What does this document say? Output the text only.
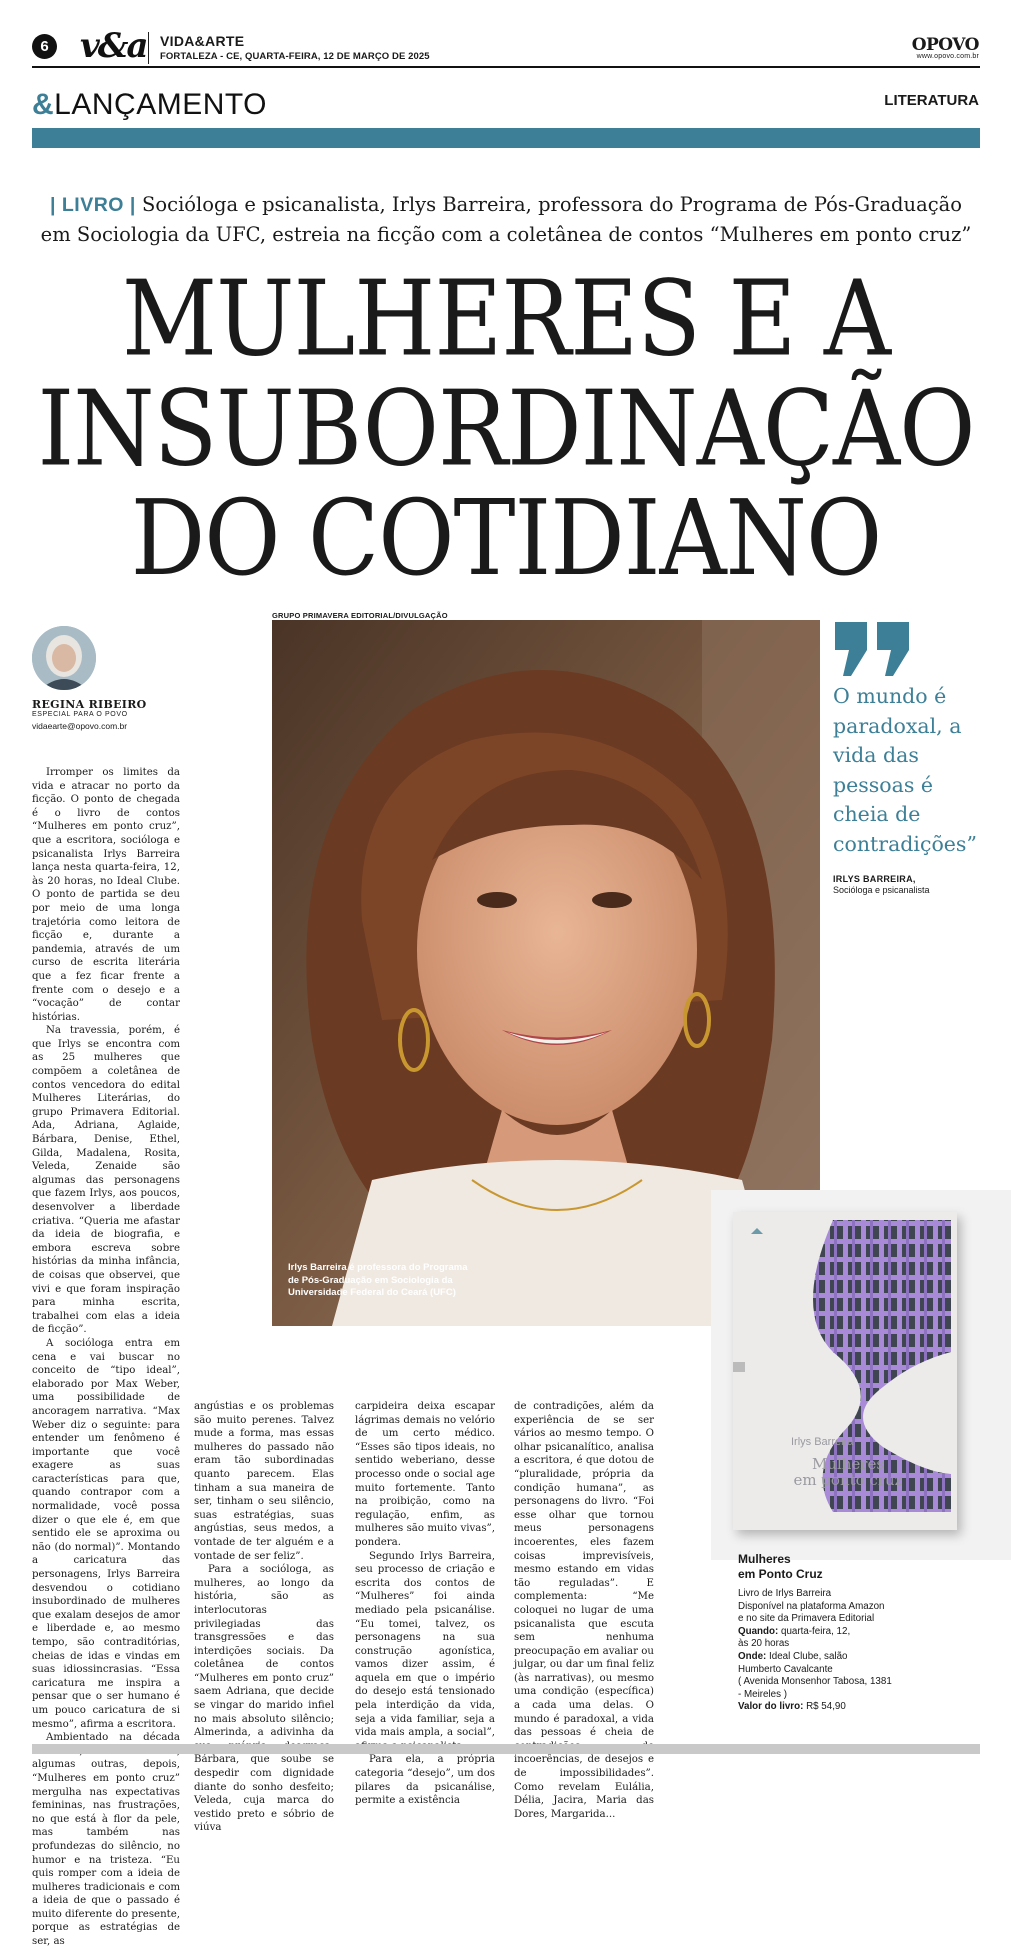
6 v&a VIDA&ARTE
FORTALEZA - CE, QUARTA-FEIRA, 12 DE MARÇO DE 2025
OPOVO
www.opovo.com.br
&LANÇAMENTO	LITERATURA
| LIVRO | Socióloga e psicanalista, Irlys Barreira, professora do Programa de Pós-Graduação em Sociologia da UFC, estreia na ficção com a coletânea de contos “Mulheres em ponto cruz”
MULHERES E A
INSUBORDINAÇÃO
DO COTIDIANO
REGINA RIBEIRO
ESPECIAL PARA O POVO
vidaearte@opovo.com.br

Irromper os limites da vida e atracar no porto da ficção. O ponto de chegada é o livro de contos “Mulheres em ponto cruz”, que a escritora, socióloga e psicanalista Irlys Barreira lança nesta quarta-feira, 12, às 20 horas, no Ideal Clube. O ponto de partida se deu por meio de uma longa trajetória como leitora de ficção e, durante a pandemia, através de um curso de escrita literária que a fez ficar frente a frente com o desejo e a “vocação” de contar histórias.

Na travessia, porém, é que Irlys se encontra com as 25 mulheres que compõem a coletânea de contos vencedora do edital Mulheres Literárias, do grupo Primavera Editorial. Ada, Adriana, Aglaide, Bárbara, Denise, Ethel, Gilda, Madalena, Rosita, Veleda, Zenaide são algumas das personagens que fazem Irlys, aos poucos, desenvolver a liberdade criativa. “Queria me afastar da ideia de biografia, e embora escreva sobre histórias da minha infância, de coisas que observei, que vivi e que foram inspiração para minha escrita, trabalhei com elas a ideia de ficção”.

A socióloga entra em cena e vai buscar no conceito de “tipo ideal”, elaborado por Max Weber, uma possibilidade de ancoragem narrativa. “Max Weber diz o seguinte: para entender um fenômeno é importante que você exagere as suas características para que, quando contrapor com a normalidade, você possa dizer o que ele é, em que sentido ele se aproxima ou não (do normal)”. Montando a caricatura das personagens, Irlys Barreira desvendou o cotidiano insubordinado de mulheres que exalam desejos de amor e liberdade e, ao mesmo tempo, são contraditórias, cheias de idas e vindas em suas idiossincrasias. “Essa caricatura me inspira a pensar que o ser humano é um pouco caricatura de si mesmo”, afirma a escritora.

Ambientado na década algumas outras, depois, “Mulheres em ponto cruz” mergulha nas expectativas femininas, nas frustrações, no que está à flor da pele, mas também nas profundezas do silêncio, no humor e na tristeza. “Eu quis romper com a ideia de mulheres tradicionais e com a ideia de que o passado é muito diferente do presente, porque as estratégias de ser, as

angústias e os problemas são muito perenes. Talvez mude a forma, mas essas mulheres do passado não eram tão subordinadas quanto parecem. Elas tinham a sua maneira de ser, tinham o seu silêncio, suas estratégias, suas angústias, seus medos, a vontade de ter alguém e a vontade de ser feliz”.

Para a socióloga, as mulheres, ao longo da história, são as interlocutoras privilegiadas das transgressões e das interdições sociais. Da coletânea de contos “Mulheres em ponto cruz” saem Adriana, que decide se vingar do marido infiel no mais absoluto silêncio; Almerinda, a adivinha da Bárbara, que soube se despedir com dignidade diante do sonho desfeito; Veleda, cuja marca do vestido preto e sóbrio de viúva

carpideira deixa escapar lágrimas demais no velório de um certo médico. “Esses são tipos ideais, no sentido weberiano, desse processo onde o social age muito fortemente. Tanto na proibição, como na regulação, enfim, as mulheres são muito vivas”, pondera.

Segundo Irlys Barreira, seu processo de criação e escrita dos contos de “Mulheres” foi ainda mediado pela psicanálise. “Eu tomei, talvez, os personagens na sua construção agonística, vamos dizer assim, é aquela em que o império do desejo está tensionado pela interdição da vida, seja a vida familiar, seja a vida mais ampla, a social”,

Para ela, a própria categoria “desejo”, um dos pilares da psicanálise, permite a existência

de contradições, além da experiência de se ser vários ao mesmo tempo. O olhar psicanalítico, analisa a escritora, é que dotou de “pluralidade, própria da condição humana”, as personagens do livro. “Foi esse olhar que tornou meus personagens incoerentes, eles fazem coisas imprevisíveis, mesmo estando em vidas tão reguladas”. E complementa: “Me coloquei no lugar de uma psicanalista que escuta sem nenhuma preocupação em avaliar ou julgar, ou dar um final feliz (às narrativas), ou mesmo uma condição (específica) a cada uma delas. O mundo é paradoxal, a vida das pessoas é cheia de incoerências, de desejos e de impossibilidades”. Como revelam Eulália, Délia, Jacira, Maria das Dores, Margarida...

GRUPO PRIMAVERA EDITORIAL/DIVULGAÇÃO
Irlys Barreira é professora do Programa de Pós-Graduação em Sociologia da Universidade Federal do Ceará (UFC)
O mundo é paradoxal, a vida das pessoas é cheia de contradições”
IRLYS BARREIRA,
Socióloga e psicanalista
Irlys Barreira
Mulheres
em ponto cruz
Mulheres
em Ponto Cruz
Livro de Irlys Barreira
Disponível na plataforma Amazon
e no site da Primavera Editorial
Quando: quarta-feira, 12,
às 20 horas
Onde: Ideal Clube, salão
Humberto Cavalcante
( Avenida Monsenhor Tabosa, 1381
- Meireles )
Valor do livro: R$ 54,90
